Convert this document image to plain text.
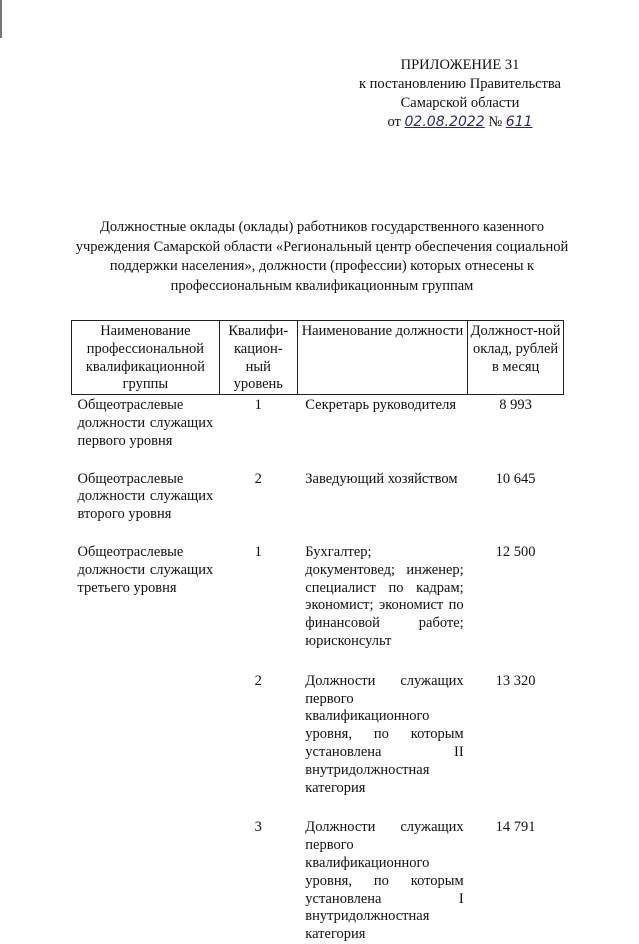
ПРИЛОЖЕНИЕ 31
к постановлению Правительства
Самарской области
от 02.08.2022 № 611
Должностные оклады (оклады) работников государственного казенного учреждения Самарской области «Региональный центр обеспечения социальной поддержки населения», должности (профессии) которых отнесены к профессиональным квалификационным группам
Наименование профессиональной квалификационной группы	Квалифи-кацион-ный уровень	Наименование должности	Должност-ной оклад, рублей в месяц
Общеотраслевые должности служащих первого уровня	1	Секретарь руководителя	8 993

Общеотраслевые должности служащих второго уровня	2	Заведующий хозяйством	10 645

Общеотраслевые должности служащих третьего уровня	1	Бухгалтер; документовед; инженер; специалист по кадрам; экономист; экономист по финансовой работе; юрисконсульт	12 500

	2	Должности служащих первого квалификационного уровня, по которым установлена II внутридолжностная категория	13 320

	3	Должности служащих первого квалификационного уровня, по которым установлена I внутридолжностная категория	14 791
